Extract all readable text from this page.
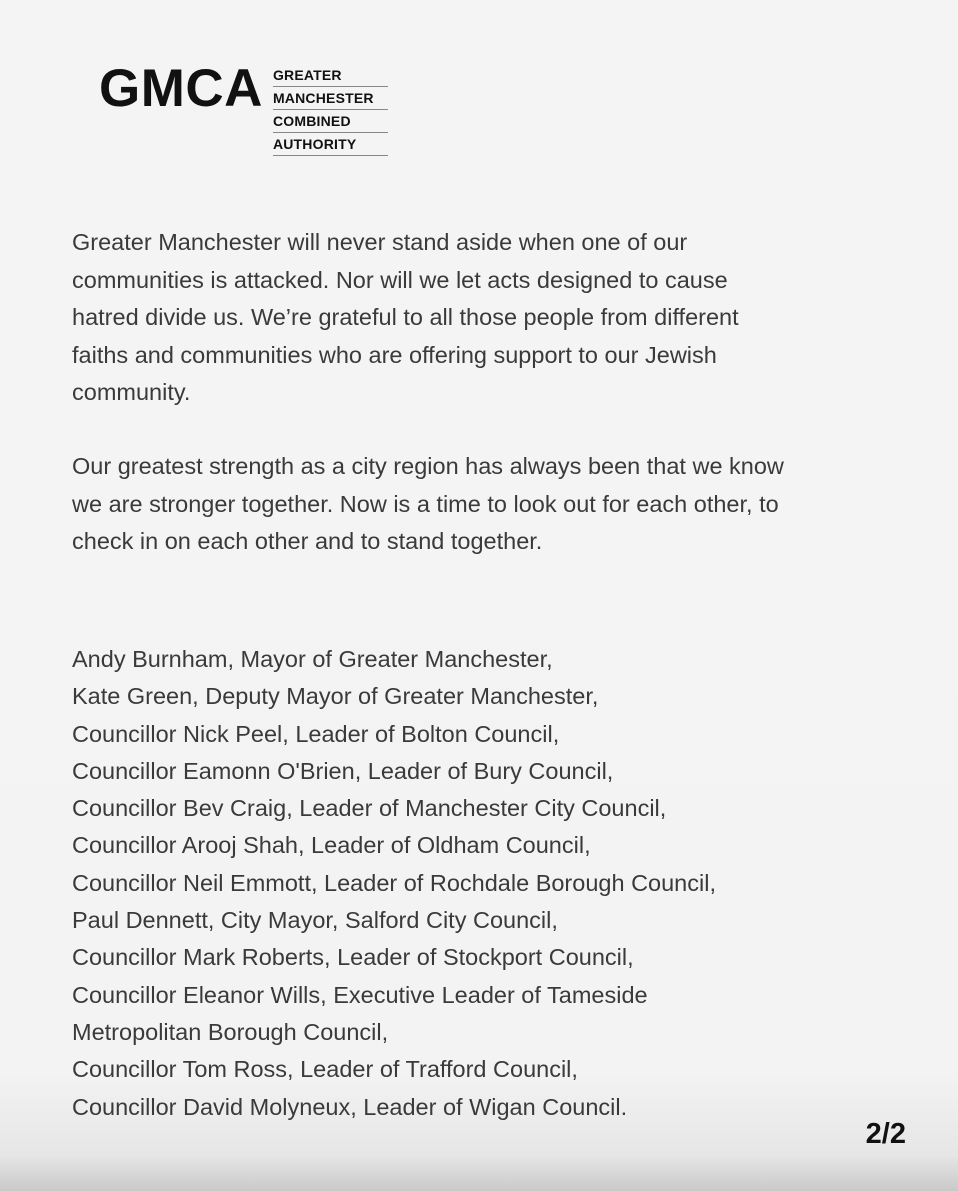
GMCA GREATER
MANCHESTER
COMBINED
AUTHORITY

Greater Manchester will never stand aside when one of our
communities is attacked. Nor will we let acts designed to cause
hatred divide us. We’re grateful to all those people from different
faiths and communities who are offering support to our Jewish
community.

Our greatest strength as a city region has always been that we know
we are stronger together. Now is a time to look out for each other, to
check in on each other and to stand together.

Andy Burnham, Mayor of Greater Manchester,
Kate Green, Deputy Mayor of Greater Manchester,
Councillor Nick Peel, Leader of Bolton Council,
Councillor Eamonn O'Brien, Leader of Bury Council,
Councillor Bev Craig, Leader of Manchester City Council,
Councillor Arooj Shah, Leader of Oldham Council,
Councillor Neil Emmott, Leader of Rochdale Borough Council,
Paul Dennett, City Mayor, Salford City Council,
Councillor Mark Roberts, Leader of Stockport Council,
Councillor Eleanor Wills, Executive Leader of Tameside
Metropolitan Borough Council,
Councillor Tom Ross, Leader of Trafford Council,
Councillor David Molyneux, Leader of Wigan Council.
2/2
